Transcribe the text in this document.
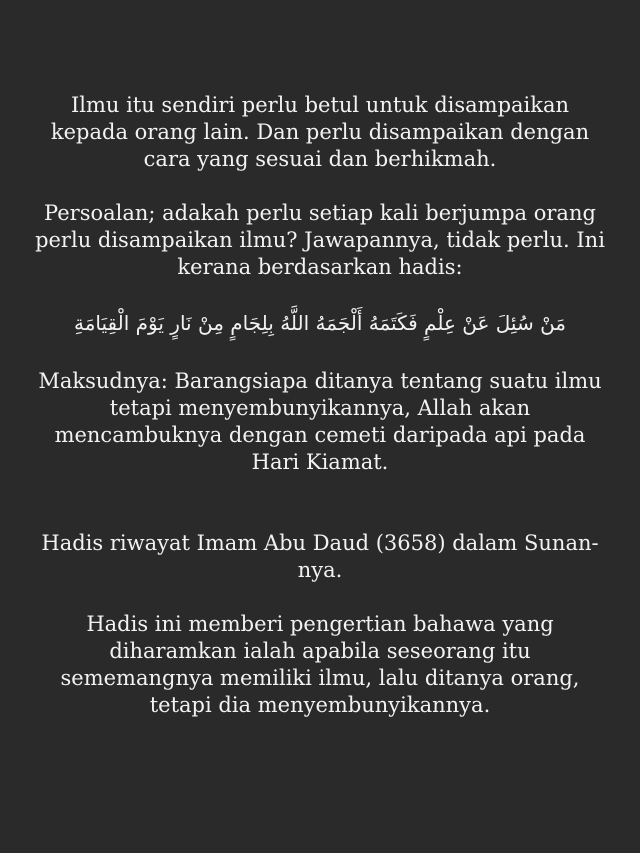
Ilmu itu sendiri perlu betul untuk disampaikan kepada orang lain. Dan perlu disampaikan dengan cara yang sesuai dan berhikmah.

Persoalan; adakah perlu setiap kali berjumpa orang perlu disampaikan ilmu? Jawapannya, tidak perlu. Ini kerana berdasarkan hadis:

مَنْ سُئِلَ عَنْ عِلْمٍ فَكَتَمَهُ أَلْجَمَهُ اللَّهُ بِلِجَامٍ مِنْ نَارٍ يَوْمَ الْقِيَامَةِ

Maksudnya: Barangsiapa ditanya tentang suatu ilmu tetapi menyembunyikannya, Allah akan mencambuknya dengan cemeti daripada api pada Hari Kiamat.

Hadis riwayat Imam Abu Daud (3658) dalam Sunan-nya.

Hadis ini memberi pengertian bahawa yang diharamkan ialah apabila seseorang itu sememangnya memiliki ilmu, lalu ditanya orang, tetapi dia menyembunyikannya.
